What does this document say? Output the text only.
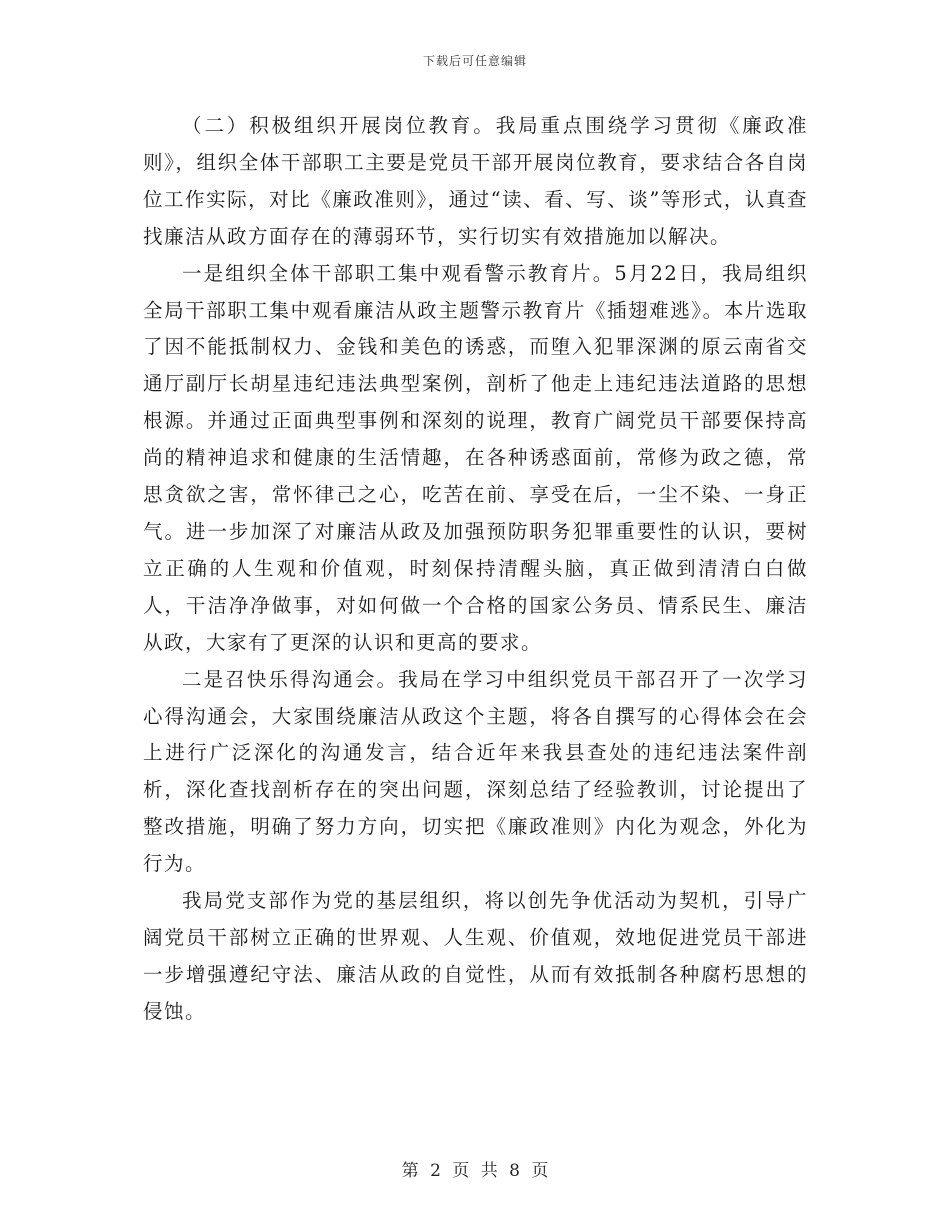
下载后可任意编辑

（二）积极组织开展岗位教育。我局重点围绕学习贯彻《廉政准则》，组织全体干部职工主要是党员干部开展岗位教育，要求结合各自岗位工作实际，对比《廉政准则》，通过“读、看、写、谈”等形式，认真查找廉洁从政方面存在的薄弱环节，实行切实有效措施加以解决。

一是组织全体干部职工集中观看警示教育片。5月22日，我局组织全局干部职工集中观看廉洁从政主题警示教育片《插翅难逃》。本片选取了因不能抵制权力、金钱和美色的诱惑，而堕入犯罪深渊的原云南省交通厅副厅长胡星违纪违法典型案例，剖析了他走上违纪违法道路的思想根源。并通过正面典型事例和深刻的说理，教育广阔党员干部要保持高尚的精神追求和健康的生活情趣，在各种诱惑面前，常修为政之德，常思贪欲之害，常怀律己之心，吃苦在前、享受在后，一尘不染、一身正气。进一步加深了对廉洁从政及加强预防职务犯罪重要性的认识，要树立正确的人生观和价值观，时刻保持清醒头脑，真正做到清清白白做人，干洁净净做事，对如何做一个合格的国家公务员、情系民生、廉洁从政，大家有了更深的认识和更高的要求。

二是召快乐得沟通会。我局在学习中组织党员干部召开了一次学习心得沟通会，大家围绕廉洁从政这个主题，将各自撰写的心得体会在会上进行广泛深化的沟通发言，结合近年来我县查处的违纪违法案件剖析，深化查找剖析存在的突出问题，深刻总结了经验教训，讨论提出了整改措施，明确了努力方向，切实把《廉政准则》内化为观念，外化为行为。

我局党支部作为党的基层组织，将以创先争优活动为契机，引导广阔党员干部树立正确的世界观、人生观、价值观，效地促进党员干部进一步增强遵纪守法、廉洁从政的自觉性，从而有效抵制各种腐朽思想的侵蚀。

第 2 页 共 8 页
